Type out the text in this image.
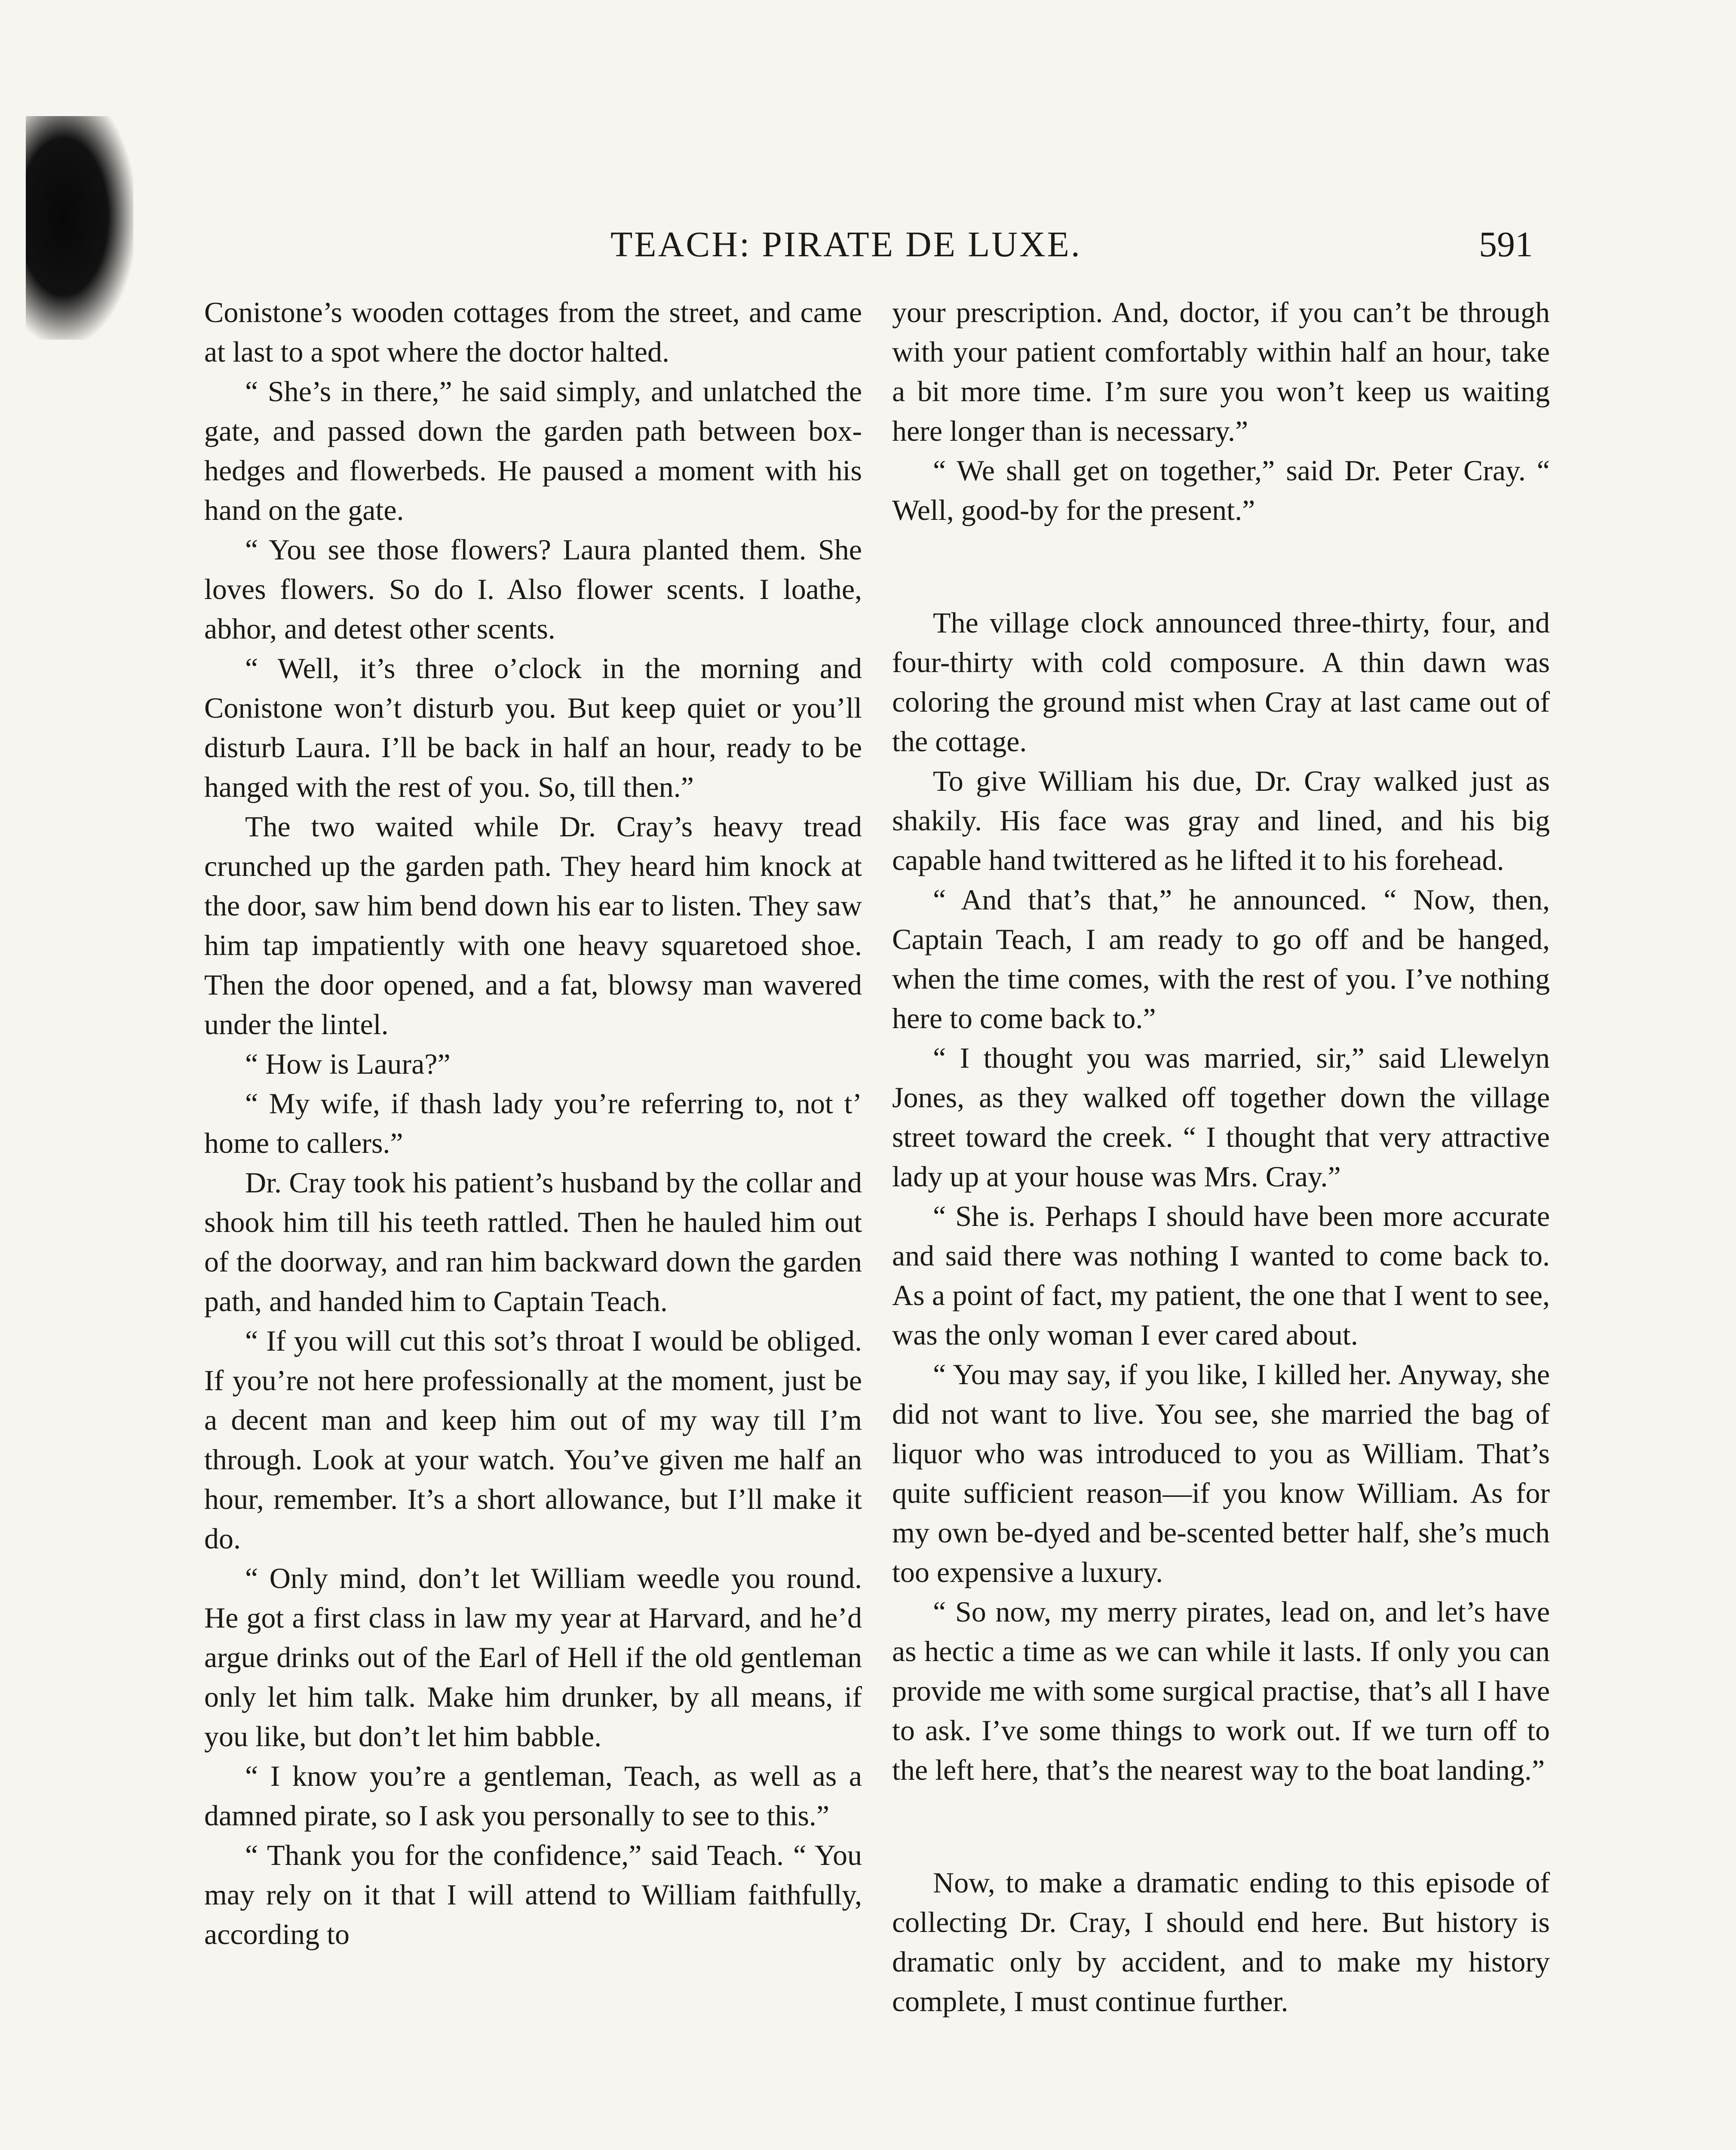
TEACH: PIRATE DE LUXE.	591

Conistone’s wooden cottages from the street, and came at last to a spot where the doctor halted.

“ She’s in there,” he said simply, and unlatched the gate, and passed down the garden path between box-hedges and flowerbeds. He paused a moment with his hand on the gate.

“ You see those flowers? Laura planted them. She loves flowers. So do I. Also flower scents. I loathe, abhor, and detest other scents.

“ Well, it’s three o’clock in the morning and Conistone won’t disturb you. But keep quiet or you’ll disturb Laura. I’ll be back in half an hour, ready to be hanged with the rest of you. So, till then.”

The two waited while Dr. Cray’s heavy tread crunched up the garden path. They heard him knock at the door, saw him bend down his ear to listen. They saw him tap impatiently with one heavy squaretoed shoe. Then the door opened, and a fat, blowsy man wavered under the lintel.

“ How is Laura?”

“ My wife, if thash lady you’re referring to, not t’ home to callers.”

Dr. Cray took his patient’s husband by the collar and shook him till his teeth rattled. Then he hauled him out of the doorway, and ran him backward down the garden path, and handed him to Captain Teach.

“ If you will cut this sot’s throat I would be obliged. If you’re not here professionally at the moment, just be a decent man and keep him out of my way till I’m through. Look at your watch. You’ve given me half an hour, remember. It’s a short allowance, but I’ll make it do.

“ Only mind, don’t let William weedle you round. He got a first class in law my year at Harvard, and he’d argue drinks out of the Earl of Hell if the old gentleman only let him talk. Make him drunker, by all means, if you like, but don’t let him babble.

“ I know you’re a gentleman, Teach, as well as a damned pirate, so I ask you personally to see to this.”

“ Thank you for the confidence,” said Teach. “ You may rely on it that I will attend to William faithfully, according to

your prescription. And, doctor, if you can’t be through with your patient comfortably within half an hour, take a bit more time. I’m sure you won’t keep us waiting here longer than is necessary.”

“ We shall get on together,” said Dr. Peter Cray. “ Well, good-by for the present.”

The village clock announced three-thirty, four, and four-thirty with cold composure. A thin dawn was coloring the ground mist when Cray at last came out of the cottage.

To give William his due, Dr. Cray walked just as shakily. His face was gray and lined, and his big capable hand twittered as he lifted it to his forehead.

“ And that’s that,” he announced. “ Now, then, Captain Teach, I am ready to go off and be hanged, when the time comes, with the rest of you. I’ve nothing here to come back to.”

“ I thought you was married, sir,” said Llewelyn Jones, as they walked off together down the village street toward the creek. “ I thought that very attractive lady up at your house was Mrs. Cray.”

“ She is. Perhaps I should have been more accurate and said there was nothing I wanted to come back to. As a point of fact, my patient, the one that I went to see, was the only woman I ever cared about.

“ You may say, if you like, I killed her. Anyway, she did not want to live. You see, she married the bag of liquor who was introduced to you as William. That’s quite sufficient reason—if you know William. As for my own be-dyed and be-scented better half, she’s much too expensive a luxury.

“ So now, my merry pirates, lead on, and let’s have as hectic a time as we can while it lasts. If only you can provide me with some surgical practise, that’s all I have to ask. I’ve some things to work out. If we turn off to the left here, that’s the nearest way to the boat landing.”

Now, to make a dramatic ending to this episode of collecting Dr. Cray, I should end here. But history is dramatic only by accident, and to make my history complete, I must continue further.
